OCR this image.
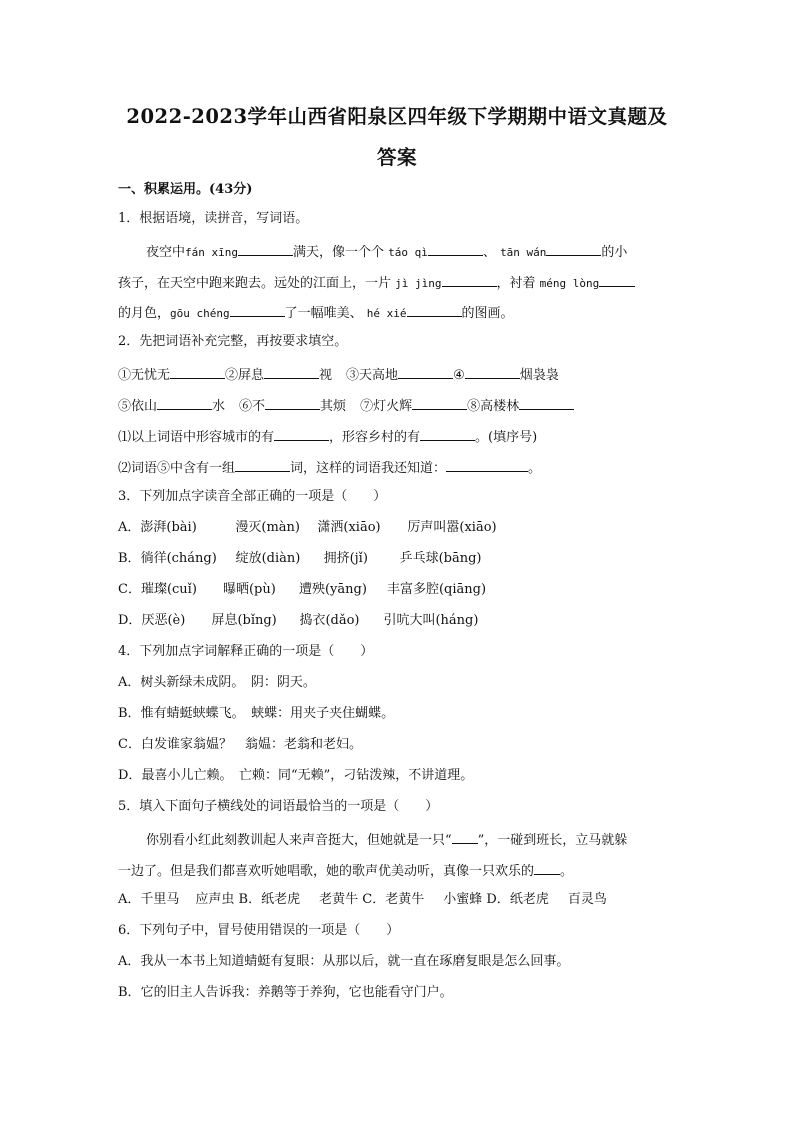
2022-2023学年山西省阳泉区四年级下学期期中语文真题及
答案
一、积累运用。(43分)
1．根据语境，读拼音，写词语。
夜空中fán xīng	满天，像一个个 táo qì	、 tān wán	的小
孩子，在天空中跑来跑去。远处的江面上，一片 jì jìng	，衬着 méng lòng
的月色，gōu chéng	了一幅唯美、 hé xié	的图画。
2．先把词语补充完整，再按要求填空。
①无忧无	②屏息	视 ③天高地	④	烟袅袅
⑤依山	水 ⑥不	其烦 ⑦灯火辉	⑧高楼林
⑴以上词语中形容城市的有	，形容乡村的有	。(填序号)
⑵词语⑤中含有一组	词，这样的词语我还知道：	。
3．下列加点字读音全部正确的一项是（　　）
A．澎湃(bài)	漫灭(màn) 潇洒(xiāo) 厉声叫嚣(xiāo)
B．徜徉(cháng) 绽放(diàn) 拥挤(jǐ) 乒乓球(bāng)
C．璀璨(cuǐ) 曝晒(pù) 遭殃(yāng) 丰富多腔(qiāng)
D．厌恶(è) 屏息(bǐng) 捣衣(dǎo) 引吭大叫(háng)
4．下列加点字词解释正确的一项是（　　）
A．树头新绿未成阴。　阴：阴天。
B．惟有蜻蜓蛱蝶飞。　蛱蝶：用夹子夹住蝴蝶。
C．白发谁家翁媪？　翁媪：老翁和老妇。
D．最喜小儿亡赖。　亡赖：同“无赖”，刁钻泼辣，不讲道理。
5．填入下面句子横线处的词语最恰当的一项是（　　）
你别看小红此刻教训起人来声音挺大，但她就是一只“ ”，一碰到班长，立马就躲
一边了。但是我们都喜欢听她唱歌，她的歌声优美动听，真像一只欢乐的 。
A．千里马 应声虫 B．纸老虎 老黄牛 C．老黄牛 小蜜蜂 D．纸老虎 百灵鸟
6．下列句子中，冒号使用错误的一项是（　　）
A．我从一本书上知道蜻蜓有复眼：从那以后，就一直在琢磨复眼是怎么回事。
B．它的旧主人告诉我：养鹅等于养狗，它也能看守门户。
